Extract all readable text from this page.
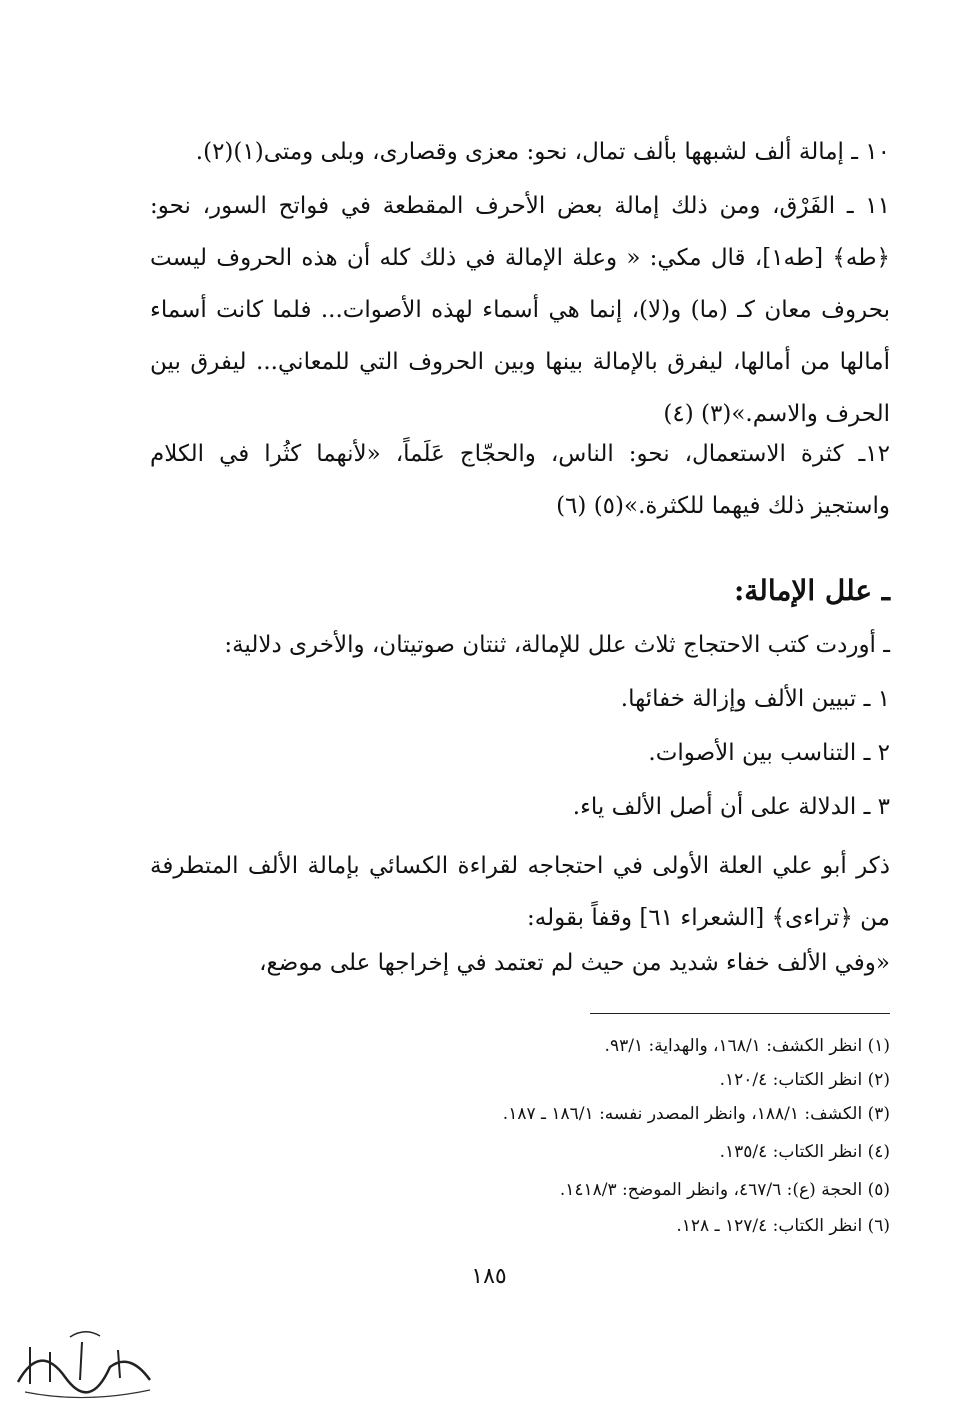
١٠ ـ إمالة ألف لشبهها بألف تمال، نحو: معزى وقصارى، وبلى ومتى(١)(٢).

١١ ـ الفَرْق، ومن ذلك إمالة بعض الأحرف المقطعة في فواتح السور، نحو: ﴿طه﴾ [طه١]، قال مكي: « وعلة الإمالة في ذلك كله أن هذه الحروف ليست بحروف معان كـ (ما) و(لا)، إنما هي أسماء لهذه الأصوات... فلما كانت أسماء أمالها من أمالها، ليفرق بالإمالة بينها وبين الحروف التي للمعاني... ليفرق بين الحرف والاسم.»(٣) (٤)

١٢ـ كثرة الاستعمال، نحو: الناس، والحجّاج عَلَماً، «لأنهما كثُرا في الكلام واستجيز ذلك فيهما للكثرة.»(٥) (٦)

ـ علل الإمالة:

ـ أوردت كتب الاحتجاج ثلاث علل للإمالة، ثنتان صوتيتان، والأخرى دلالية:

١ ـ تبيين الألف وإزالة خفائها.

٢ ـ التناسب بين الأصوات.

٣ ـ الدلالة على أن أصل الألف ياء.

ذكر أبو علي العلة الأولى في احتجاجه لقراءة الكسائي بإمالة الألف المتطرفة من ﴿تراءى﴾ [الشعراء ٦١] وقفاً بقوله:

«وفي الألف خفاء شديد من حيث لم تعتمد في إخراجها على موضع،

(١) انظر الكشف: ١٦٨/١، والهداية: ٩٣/١.

(٢) انظر الكتاب: ١٢٠/٤.

(٣) الكشف: ١٨٨/١، وانظر المصدر نفسه: ١٨٦/١ ـ ١٨٧.

(٤) انظر الكتاب: ١٣٥/٤.

(٥) الحجة (ع): ٤٦٧/٦، وانظر الموضح: ١٤١٨/٣.

(٦) انظر الكتاب: ١٢٧/٤ ـ ١٢٨.

١٨٥
